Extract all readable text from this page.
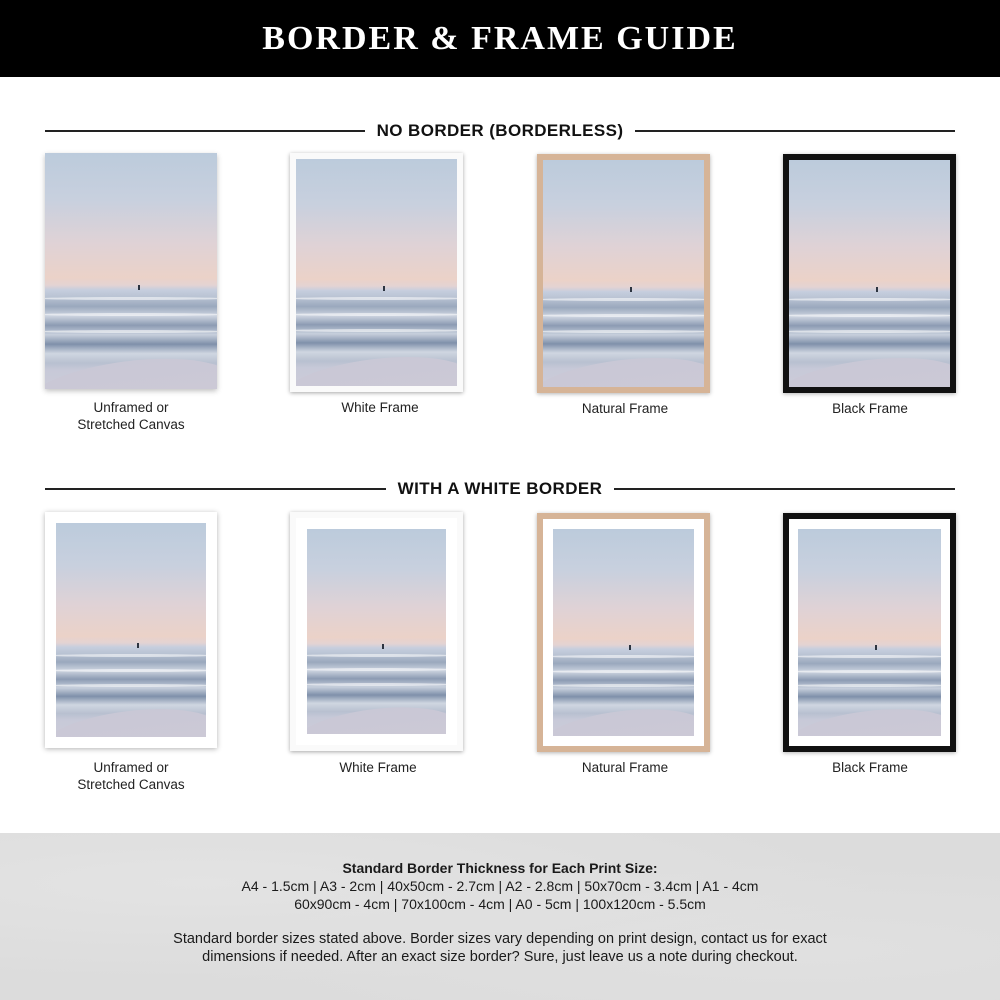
BORDER & FRAME GUIDE
NO BORDER (BORDERLESS)
Unframed or
Stretched Canvas
White Frame	Natural Frame	Black Frame
WITH A WHITE BORDER
Unframed or
Stretched Canvas
White Frame	Natural Frame	Black Frame
Standard Border Thickness for Each Print Size:
A4 - 1.5cm | A3 - 2cm | 40x50cm - 2.7cm | A2 - 2.8cm | 50x70cm - 3.4cm | A1 - 4cm
60x90cm - 4cm | 70x100cm - 4cm | A0 - 5cm | 100x120cm - 5.5cm
Standard border sizes stated above. Border sizes vary depending on print design, contact us for exact
dimensions if needed. After an exact size border? Sure, just leave us a note during checkout.
